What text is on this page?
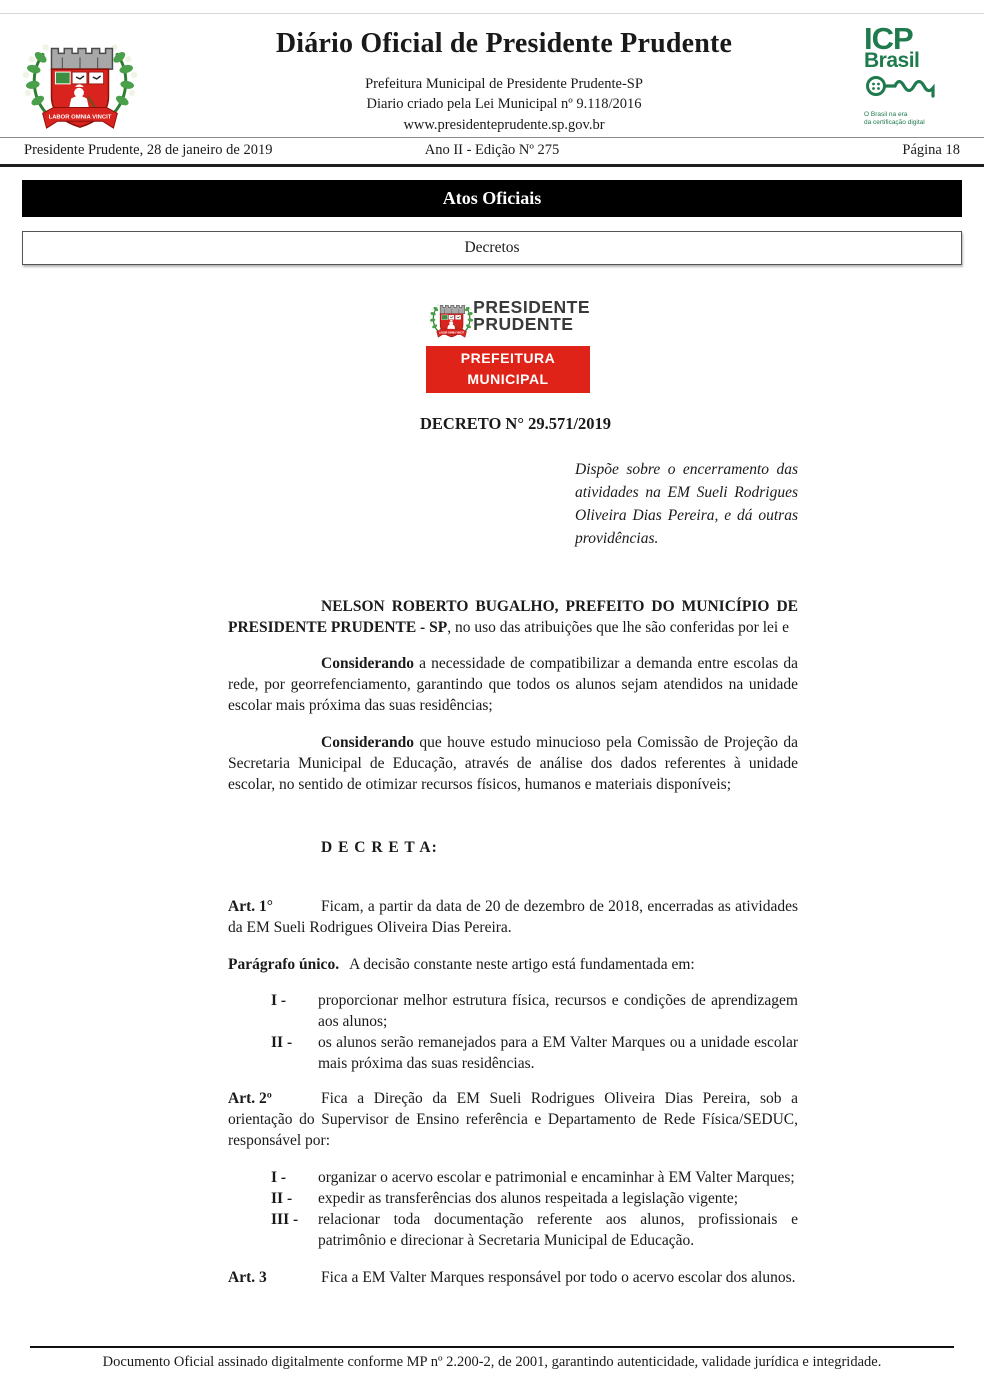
Diário Oficial de Presidente Prudente
Prefeitura Municipal de Presidente Prudente-SP
Diario criado pela Lei Municipal nº 9.118/2016
www.presidenteprudente.sp.gov.br
ICP
Brasil
O Brasil na era
da certificação digital
Presidente Prudente, 28 de janeiro de 2019	Ano II - Edição Nº 275	Página 18
Atos Oficiais
Decretos
PRESIDENTE
PRUDENTE
PREFEITURA MUNICIPAL
DECRETO N° 29.571/2019
Dispõe sobre o encerramento das atividades na EM Sueli Rodrigues Oliveira Dias Pereira, e dá outras providências.

NELSON ROBERTO BUGALHO, PREFEITO DO MUNICÍPIO DE PRESIDENTE PRUDENTE - SP, no uso das atribuições que lhe são conferidas por lei e

Considerando a necessidade de compatibilizar a demanda entre escolas da rede, por georrefenciamento, garantindo que todos os alunos sejam atendidos na unidade escolar mais próxima das suas residências;

Considerando que houve estudo minucioso pela Comissão de Projeção da Secretaria Municipal de Educação, através de análise dos dados referentes à unidade escolar, no sentido de otimizar recursos físicos, humanos e materiais disponíveis;

D E C R E T A:

Art. 1°	Ficam, a partir da data de 20 de dezembro de 2018, encerradas as atividades da EM Sueli Rodrigues Oliveira Dias Pereira.

Parágrafo único. A decisão constante neste artigo está fundamentada em:

I -	proporcionar melhor estrutura física, recursos e condições de aprendizagem aos alunos;
II -	os alunos serão remanejados para a EM Valter Marques ou a unidade escolar mais próxima das suas residências.

Art. 2º	Fica a Direção da EM Sueli Rodrigues Oliveira Dias Pereira, sob a orientação do Supervisor de Ensino referência e Departamento de Rede Física/SEDUC, responsável por:

I -	organizar o acervo escolar e patrimonial e encaminhar à EM Valter Marques;
II -	expedir as transferências dos alunos respeitada a legislação vigente;
III -	relacionar toda documentação referente aos alunos, profissionais e patrimônio e direcionar à Secretaria Municipal de Educação.

Art. 3	Fica a EM Valter Marques responsável por todo o acervo escolar dos alunos.

Documento Oficial assinado digitalmente conforme MP nº 2.200-2, de 2001, garantindo autenticidade, validade jurídica e integridade.
